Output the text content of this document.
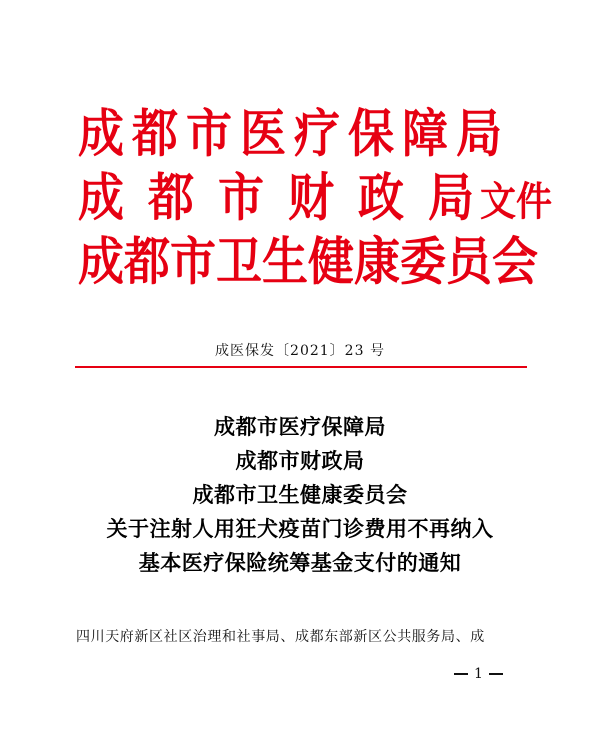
成都市医疗保障局
成都市财政局
文件
成都市卫生健康委员会
成医保发〔2021〕23 号
成都市医疗保障局
成都市财政局
成都市卫生健康委员会
关于注射人用狂犬疫苗门诊费用不再纳入
基本医疗保险统筹基金支付的通知
四川天府新区社区治理和社事局、成都东部新区公共服务局、成
1
